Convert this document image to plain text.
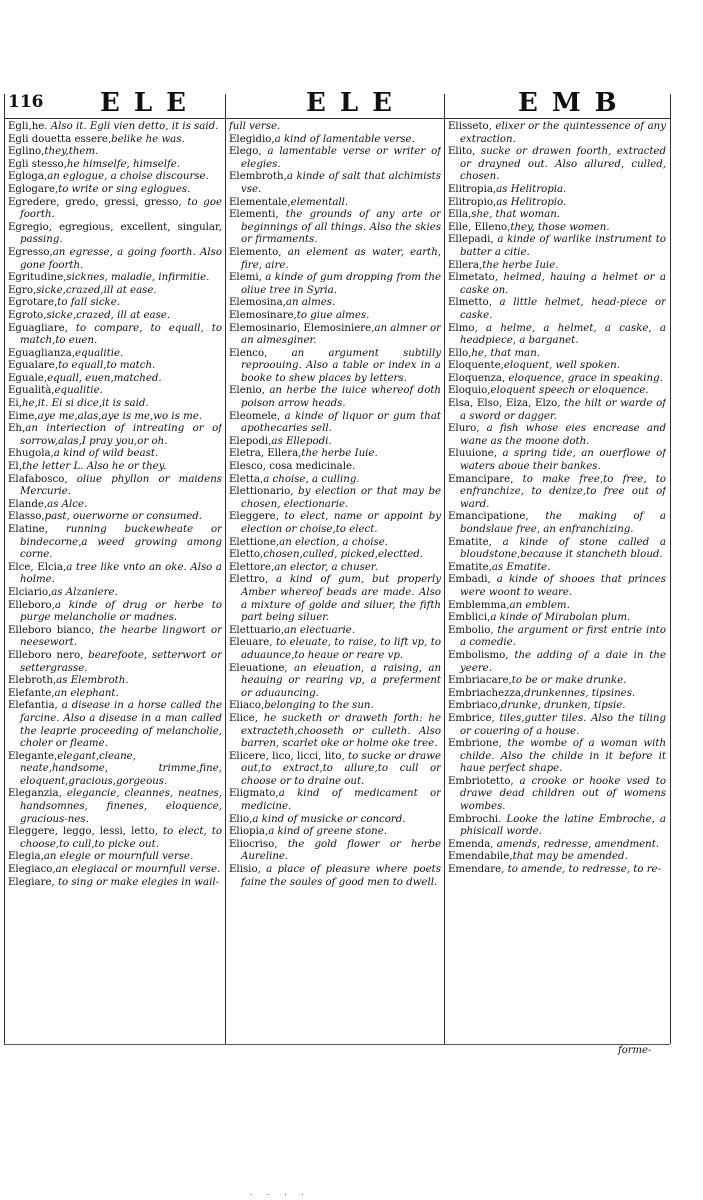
116 ELE	ELE	EMB

Egli,he. Also it. Egli vien detto, it is said.

Egli douetta essere,belike he was.

Eglino,they,them.

Egli stesso,he himselfe, himselfe.

Egloga,an eglogue, a choise discourse.

Eglogare,to write or sing eglogues.

Egredere, gredo, gressi, gresso, to goe foorth.

Egregio, egregious, excellent, singular, passing.

Egresso,an egresse, a going foorth. Also gone foorth.

Egritudine,sicknes, maladie, infirmitie.

Egro,sicke,crazed,ill at ease.

Egrotare,to fall sicke.

Egroto,sicke,crazed, ill at ease.

Eguagliare, to compare, to equall, to match,to euen.

Eguaglianza,equalitie.

Egualare,to equall,to match.

Eguale,equall, euen,matched.

Egualità,equalitie.

Ei,he,it. Ei si dice,it is said.

Eime,aye me,alas,aye is me,wo is me.

Eh,an interiection of intreating or of sorrow,alas,I pray you,or oh.

Ehugola,a kind of wild beast.

El,the letter L. Also he or they.

Elafabosco, oliue phyllon or maidens Mercurie.

Elande,as Alce.

Elasso,past, ouerworne or consumed.

Elatine, running buckewheate or bindecorne,a weed growing among corne.

Elce, Elcia,a tree like vnto an oke. Also a holme.

Elciario,as Alzaniere.

Elleboro,a kinde of drug or herbe to purge melancholie or madnes.

Elleboro bianco, the hearbe lingwort or neesewort.

Elleboro nero, bearefoote, setterwort or settergrasse.

Elebroth,as Elembroth.

Elefante,an elephant.

Elefantia, a disease in a horse called the farcine. Also a disease in a man called the leaprie proceeding of melancholie, choler or fleame.

Elegante,elegant,cleane, neate,handsome, trimme,fine, eloquent,gracious,gorgeous.

Eleganzia, elegancie, cleannes, neatnes, handsomnes, finenes, eloquence, gracious-nes.

Eleggere, leggo, lessi, letto, to elect, to choose,to cull,to picke out.

Elegia,an elegie or mournfull verse.

Elegiaco,an elegiacal or mournfull verse.

Elegiare, to sing or make elegies in wail-

full verse.

Elegidio,a kind of lamentable verse.

Elego, a lamentable verse or writer of elegies.

Elembroth,a kinde of salt that alchimists vse.

Elementale,elementall.

Elementi, the grounds of any arte or beginnings of all things. Also the skies or firmaments.

Elemento, an element as water, earth, fire, aire.

Elemi, a kinde of gum dropping from the oliue tree in Syria.

Elemosina,an almes.

Elemosinare,to giue almes.

Elemosinario, Elemosiniere,an almner or an almesginer.

Elenco, an argument subtilly reproouing. Also a table or index in a booke to shew places by letters.

Elenio, an herbe the iuice whereof doth poison arrow heads.

Eleomele, a kinde of liquor or gum that apothecaries sell.

Elepodi,as Ellepodi.

Eletra, Ellera,the herbe Iuie.

Elesco, cosa medicinale.

Eletta,a choise, a culling.

Elettionario, by election or that may be chosen, electionarie.

Eleggere, to elect, name or appoint by election or choise,to elect.

Elettione,an election, a choise.

Eletto,chosen,culled, picked,electted.

Elettore,an elector, a chuser.

Elettro, a kind of gum, but properly Amber whereof beads are made. Also a mixture of golde and siluer, the fifth part being siluer.

Elettuario,an electuarie.

Eleuare, to eleuate, to raise, to lift vp, to aduaunce,to heaue or reare vp.

Eleuatione, an eleuation, a raising, an heauing or rearing vp, a preferment or aduauncing.

Eliaco,belonging to the sun.

Elice, he sucketh or draweth forth: he extracteth,chooseth or culleth. Also barren, scarlet oke or holme oke tree.

Elicere, lico, licci, lito, to sucke or drawe out,to extract,to allure,to cull or choose or to draine out.

Eligmato,a kind of medicament or medicine.

Elio,a kind of musicke or concord.

Eliopia,a kind of greene stone.

Eliocriso, the gold flower or herbe Aureline.

Elisio, a place of pleasure where poets faine the soules of good men to dwell.

Elisseto, elixer or the quintessence of any extraction.

Elito, sucke or drawen foorth, extracted or drayned out. Also allured, culled, chosen.

Elitropia,as Helitropia.

Elitropio,as Helitropio.

Ella,she, that woman.

Elle, Elleno,they, those women.

Ellepadi, a kinde of warlike instrument to batter a citie.

Ellera,the herbe Iuie.

Elmetato, helmed, hauing a helmet or a caske on.

Elmetto, a little helmet, head-piece or caske.

Elmo, a helme, a helmet, a caske, a headpiece, a barganet.

Ello,he, that man.

Eloquente,eloquent, well spoken.

Eloquenza, eloquence, grace in speaking.

Eloquio,eloquent speech or eloquence.

Elsa, Elso, Elza, Elzo, the hilt or warde of a sword or dagger.

Eluro, a fish whose eies encrease and wane as the moone doth.

Eluuione, a spring tide, an ouerflowe of waters aboue their bankes.

Emancipare, to make free,to free, to enfranchize, to denize,to free out of ward.

Emancipatione, the making of a bondslaue free, an enfranchizing.

Ematite, a kinde of stone called a bloudstone,because it stancheth bloud.

Ematite,as Ematite.

Embadi, a kinde of shooes that princes were woont to weare.

Emblemma,an emblem.

Emblici,a kinde of Mirabolan plum.

Embolio, the argument or first entrie into a comedie.

Embolismo, the adding of a daie in the yeere.

Embriacare,to be or make drunke.

Embriachezza,drunkennes, tipsines.

Embriaco,drunke, drunken, tipsie.

Embrice, tiles,gutter tiles. Also the tiling or couering of a house.

Embrione, the wombe of a woman with childe. Also the childe in it before it haue perfect shape.

Embriotetto, a crooke or hooke vsed to drawe dead children out of womens wombes.

Embrochi. Looke the latine Embroche, a phisicall worde.

Emenda, amends, redresse, amendment.

Emendabile,that may be amended.

Emendare, to amende, to redresse, to re-

forme-
. . . .
